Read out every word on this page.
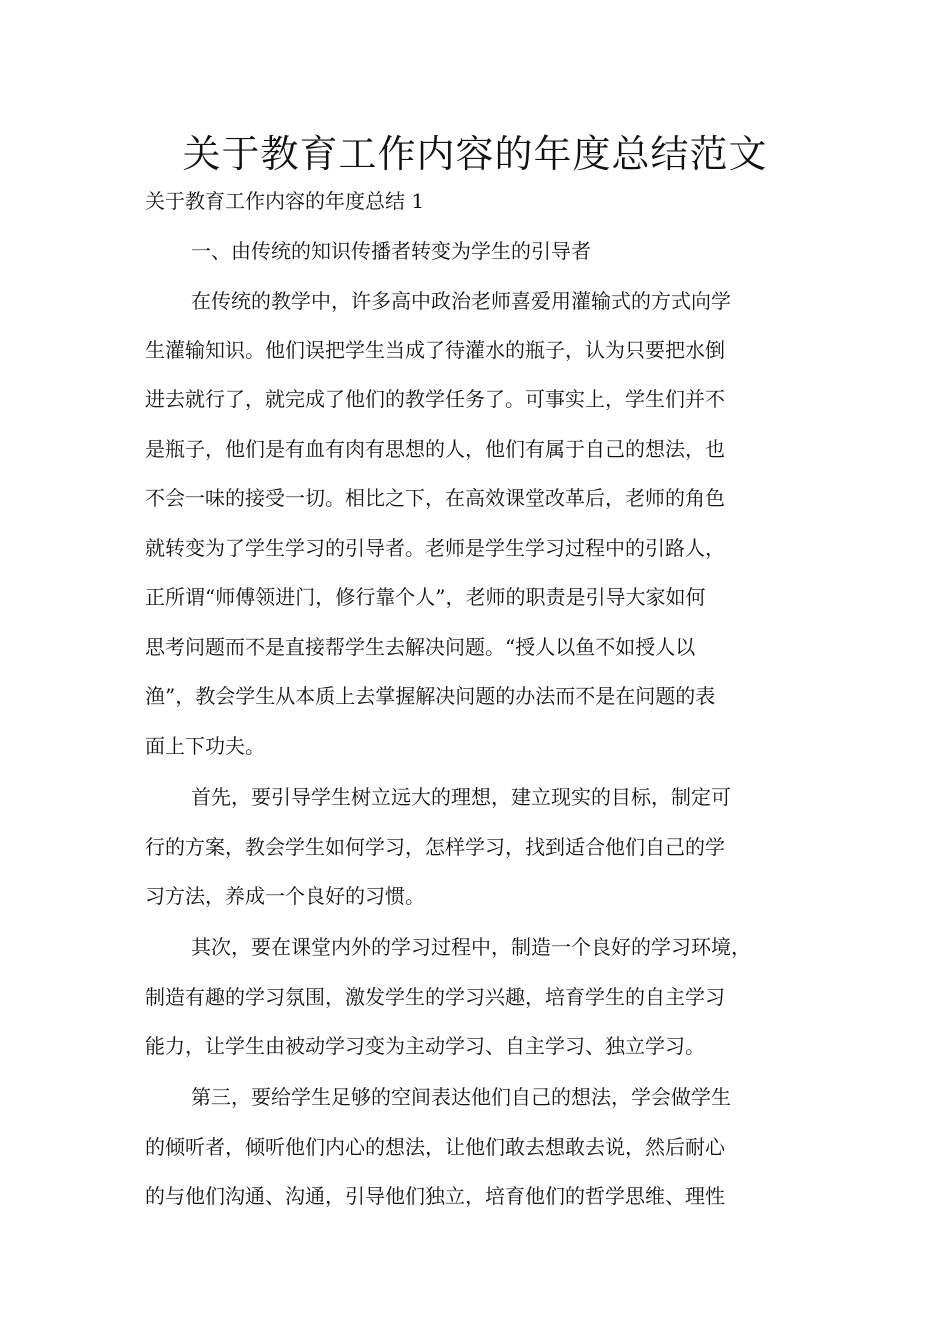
关于教育工作内容的年度总结范文

关于教育工作内容的年度总结 1

一、由传统的知识传播者转变为学生的引导者

在传统的教学中，许多高中政治老师喜爱用灌输式的方式向学

生灌输知识。他们误把学生当成了待灌水的瓶子，认为只要把水倒

进去就行了，就完成了他们的教学任务了。可事实上，学生们并不

是瓶子，他们是有血有肉有思想的人，他们有属于自己的想法，也

不会一味的接受一切。相比之下，在高效课堂改革后，老师的角色

就转变为了学生学习的引导者。老师是学生学习过程中的引路人，

正所谓“师傅领进门，修行靠个人”，老师的职责是引导大家如何

思考问题而不是直接帮学生去解决问题。“授人以鱼不如授人以

渔”，教会学生从本质上去掌握解决问题的办法而不是在问题的表

面上下功夫。

首先，要引导学生树立远大的理想，建立现实的目标，制定可

行的方案，教会学生如何学习，怎样学习，找到适合他们自己的学

习方法，养成一个良好的习惯。

其次，要在课堂内外的学习过程中，制造一个良好的学习环境，

制造有趣的学习氛围，激发学生的学习兴趣，培育学生的自主学习

能力，让学生由被动学习变为主动学习、自主学习、独立学习。

第三，要给学生足够的空间表达他们自己的想法，学会做学生

的倾听者，倾听他们内心的想法，让他们敢去想敢去说，然后耐心

的与他们沟通、沟通，引导他们独立，培育他们的哲学思维、理性
